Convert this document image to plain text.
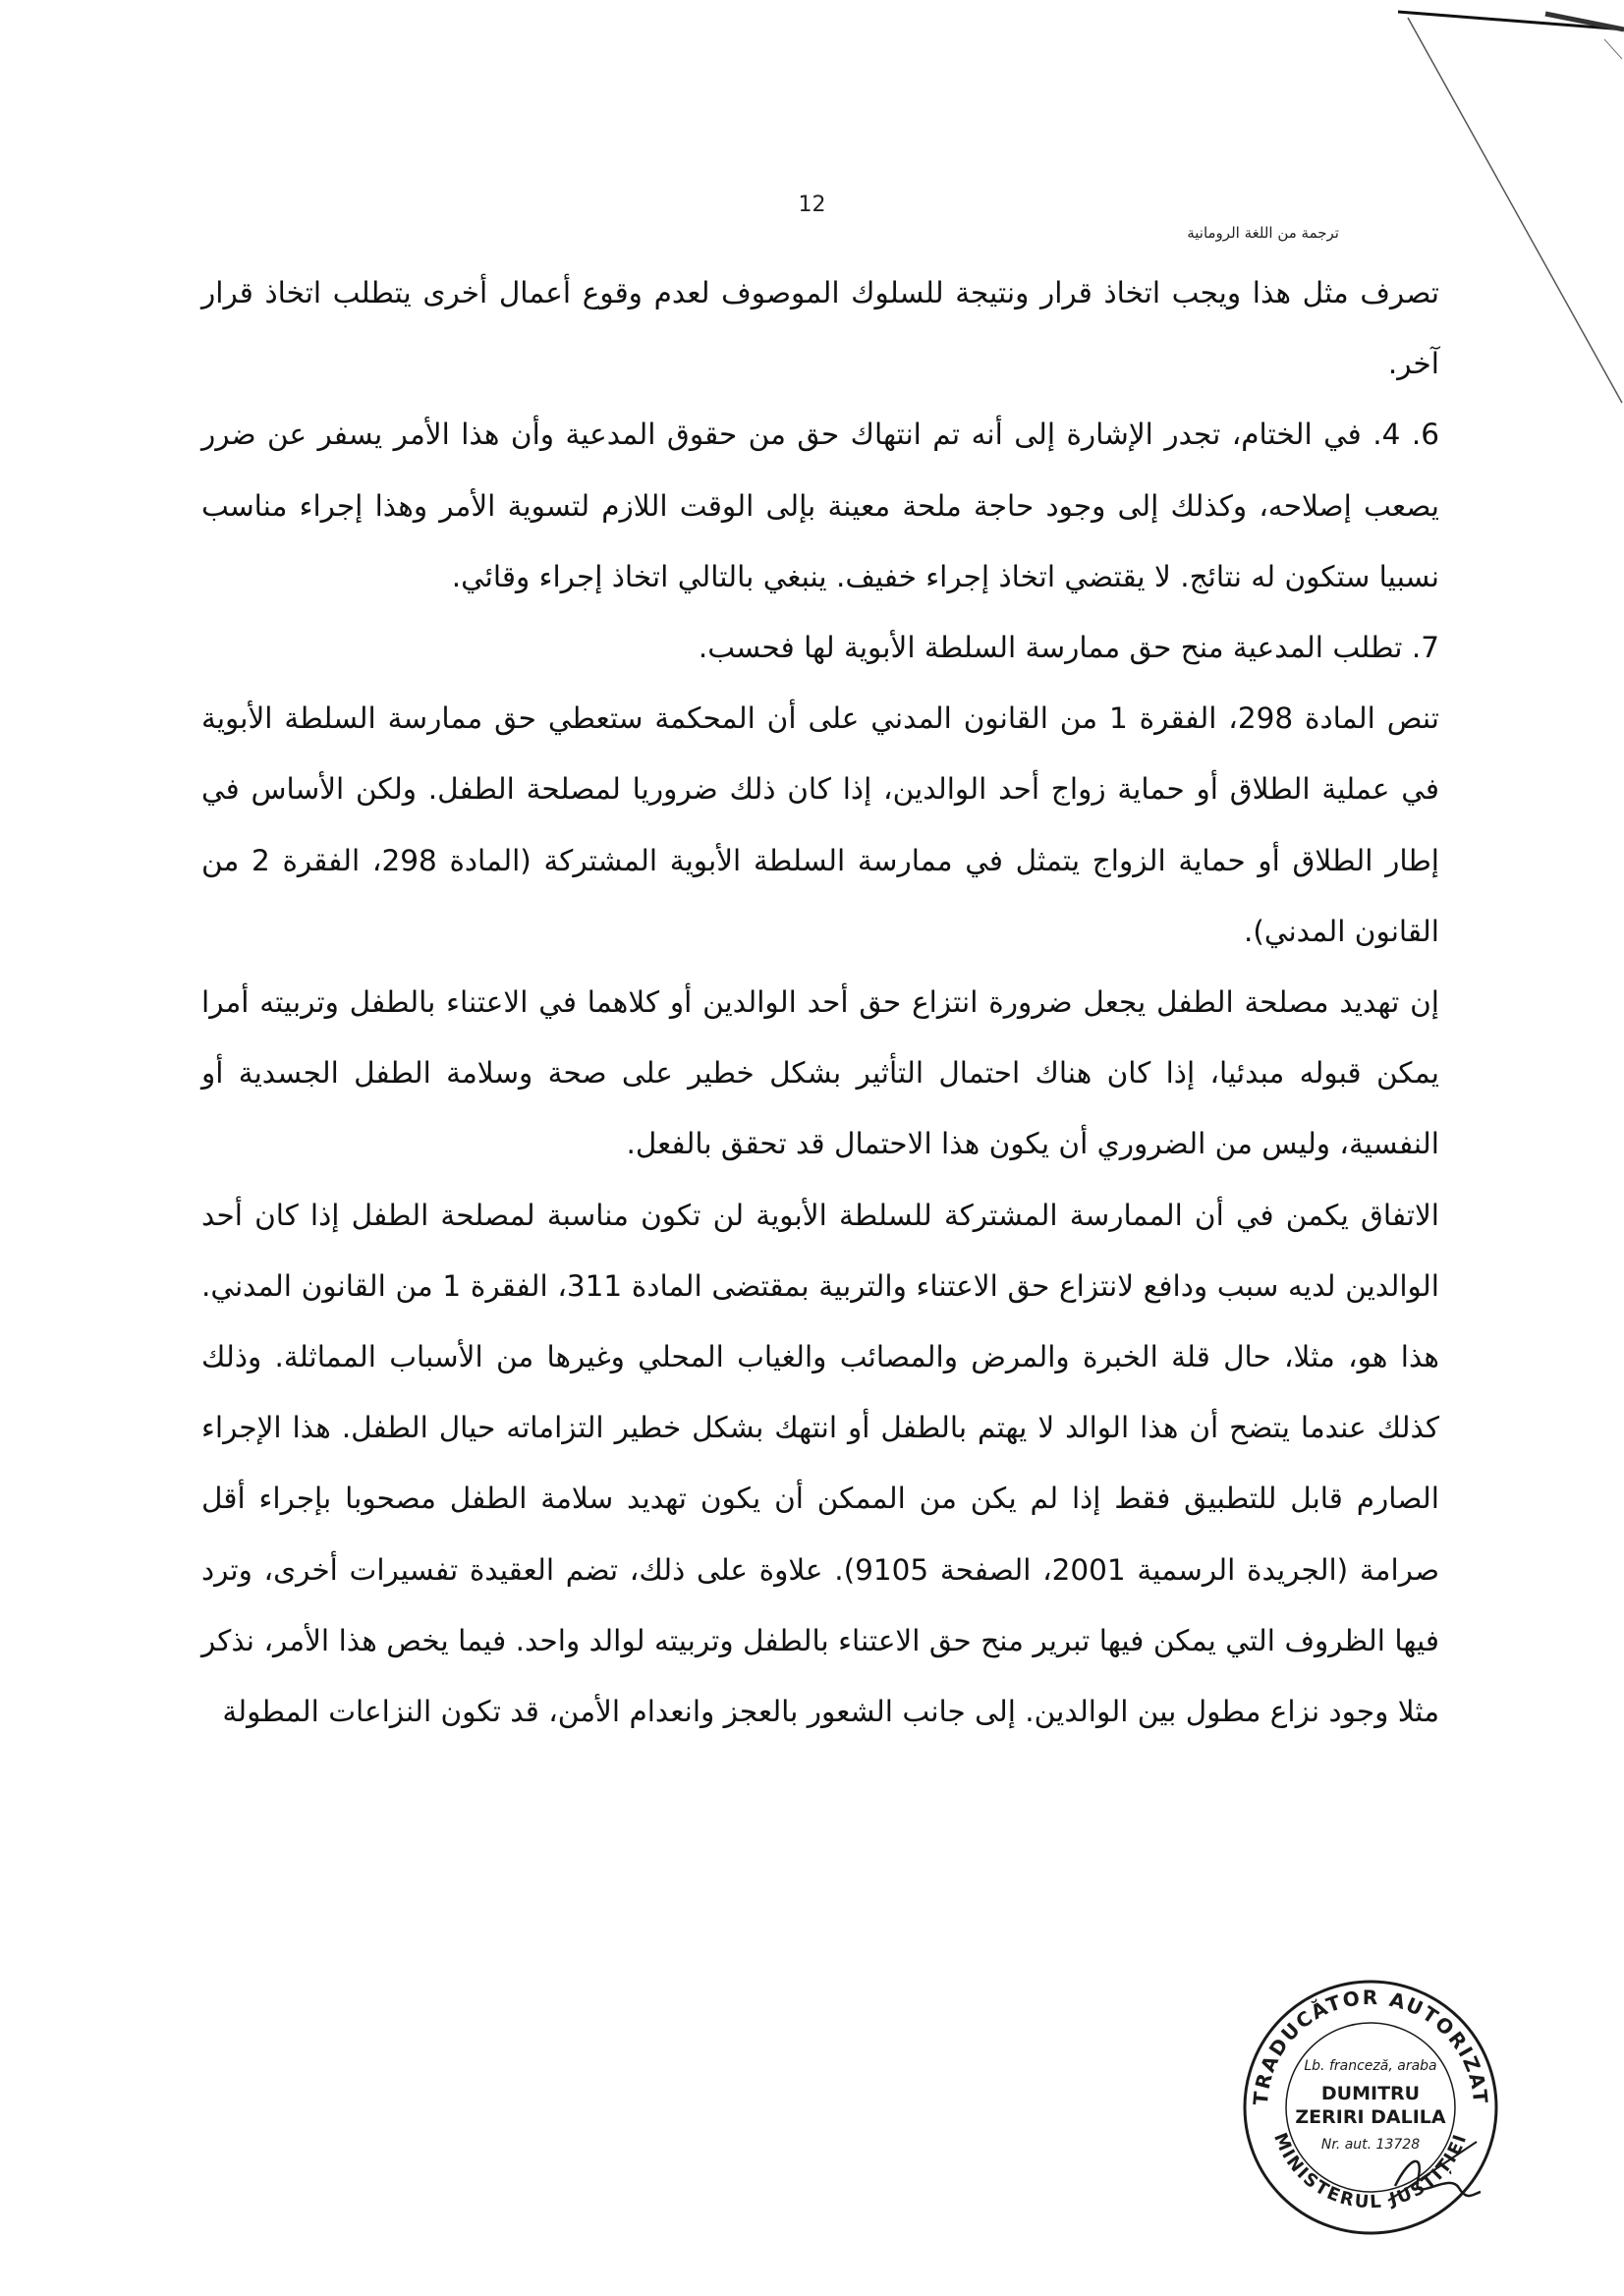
12
ترجمة من اللغة الرومانية

تصرف مثل هذا ويجب اتخاذ قرار ونتيجة للسلوك الموصوف لعدم وقوع أعمال أخرى يتطلب اتخاذ قرار آخر.

6. 4. في الختام، تجدر الإشارة إلى أنه تم انتهاك حق من حقوق المدعية وأن هذا الأمر يسفر عن ضرر يصعب إصلاحه، وكذلك إلى وجود حاجة ملحة معينة بإلى الوقت اللازم لتسوية الأمر وهذا إجراء مناسب نسبيا ستكون له نتائج. لا يقتضي اتخاذ إجراء خفيف. ينبغي بالتالي اتخاذ إجراء وقائي.

7. تطلب المدعية منح حق ممارسة السلطة الأبوية لها فحسب.

تنص المادة 298، الفقرة 1 من القانون المدني على أن المحكمة ستعطي حق ممارسة السلطة الأبوية في عملية الطلاق أو حماية زواج أحد الوالدين، إذا كان ذلك ضروريا لمصلحة الطفل. ولكن الأساس في إطار الطلاق أو حماية الزواج يتمثل في ممارسة السلطة الأبوية المشتركة (المادة 298، الفقرة 2 من القانون المدني).

إن تهديد مصلحة الطفل يجعل ضرورة انتزاع حق أحد الوالدين أو كلاهما في الاعتناء بالطفل وتربيته أمرا يمكن قبوله مبدئيا، إذا كان هناك احتمال التأثير بشكل خطير على صحة وسلامة الطفل الجسدية أو النفسية، وليس من الضروري أن يكون هذا الاحتمال قد تحقق بالفعل.

الاتفاق يكمن في أن الممارسة المشتركة للسلطة الأبوية لن تكون مناسبة لمصلحة الطفل إذا كان أحد الوالدين لديه سبب ودافع لانتزاع حق الاعتناء والتربية بمقتضى المادة 311، الفقرة 1 من القانون المدني. هذا هو، مثلا، حال قلة الخبرة والمرض والمصائب والغياب المحلي وغيرها من الأسباب المماثلة. وذلك كذلك عندما يتضح أن هذا الوالد لا يهتم بالطفل أو انتهك بشكل خطير التزاماته حيال الطفل. هذا الإجراء الصارم قابل للتطبيق فقط إذا لم يكن من الممكن أن يكون تهديد سلامة الطفل مصحوبا بإجراء أقل صرامة (الجريدة الرسمية 2001، الصفحة 9105). علاوة على ذلك، تضم العقيدة تفسيرات أخرى، وترد فيها الظروف التي يمكن فيها تبرير منح حق الاعتناء بالطفل وتربيته لوالد واحد. فيما يخص هذا الأمر، نذكر مثلا وجود نزاع مطول بين الوالدين. إلى جانب الشعور بالعجز وانعدام الأمن، قد تكون النزاعات المطولة

TRADUCĂTOR AUTORIZAT
MINISTERUL JUSTIȚIEI
Lb. franceză, araba
DUMITRU
ZERIRI DALILA
Nr. aut. 13728
